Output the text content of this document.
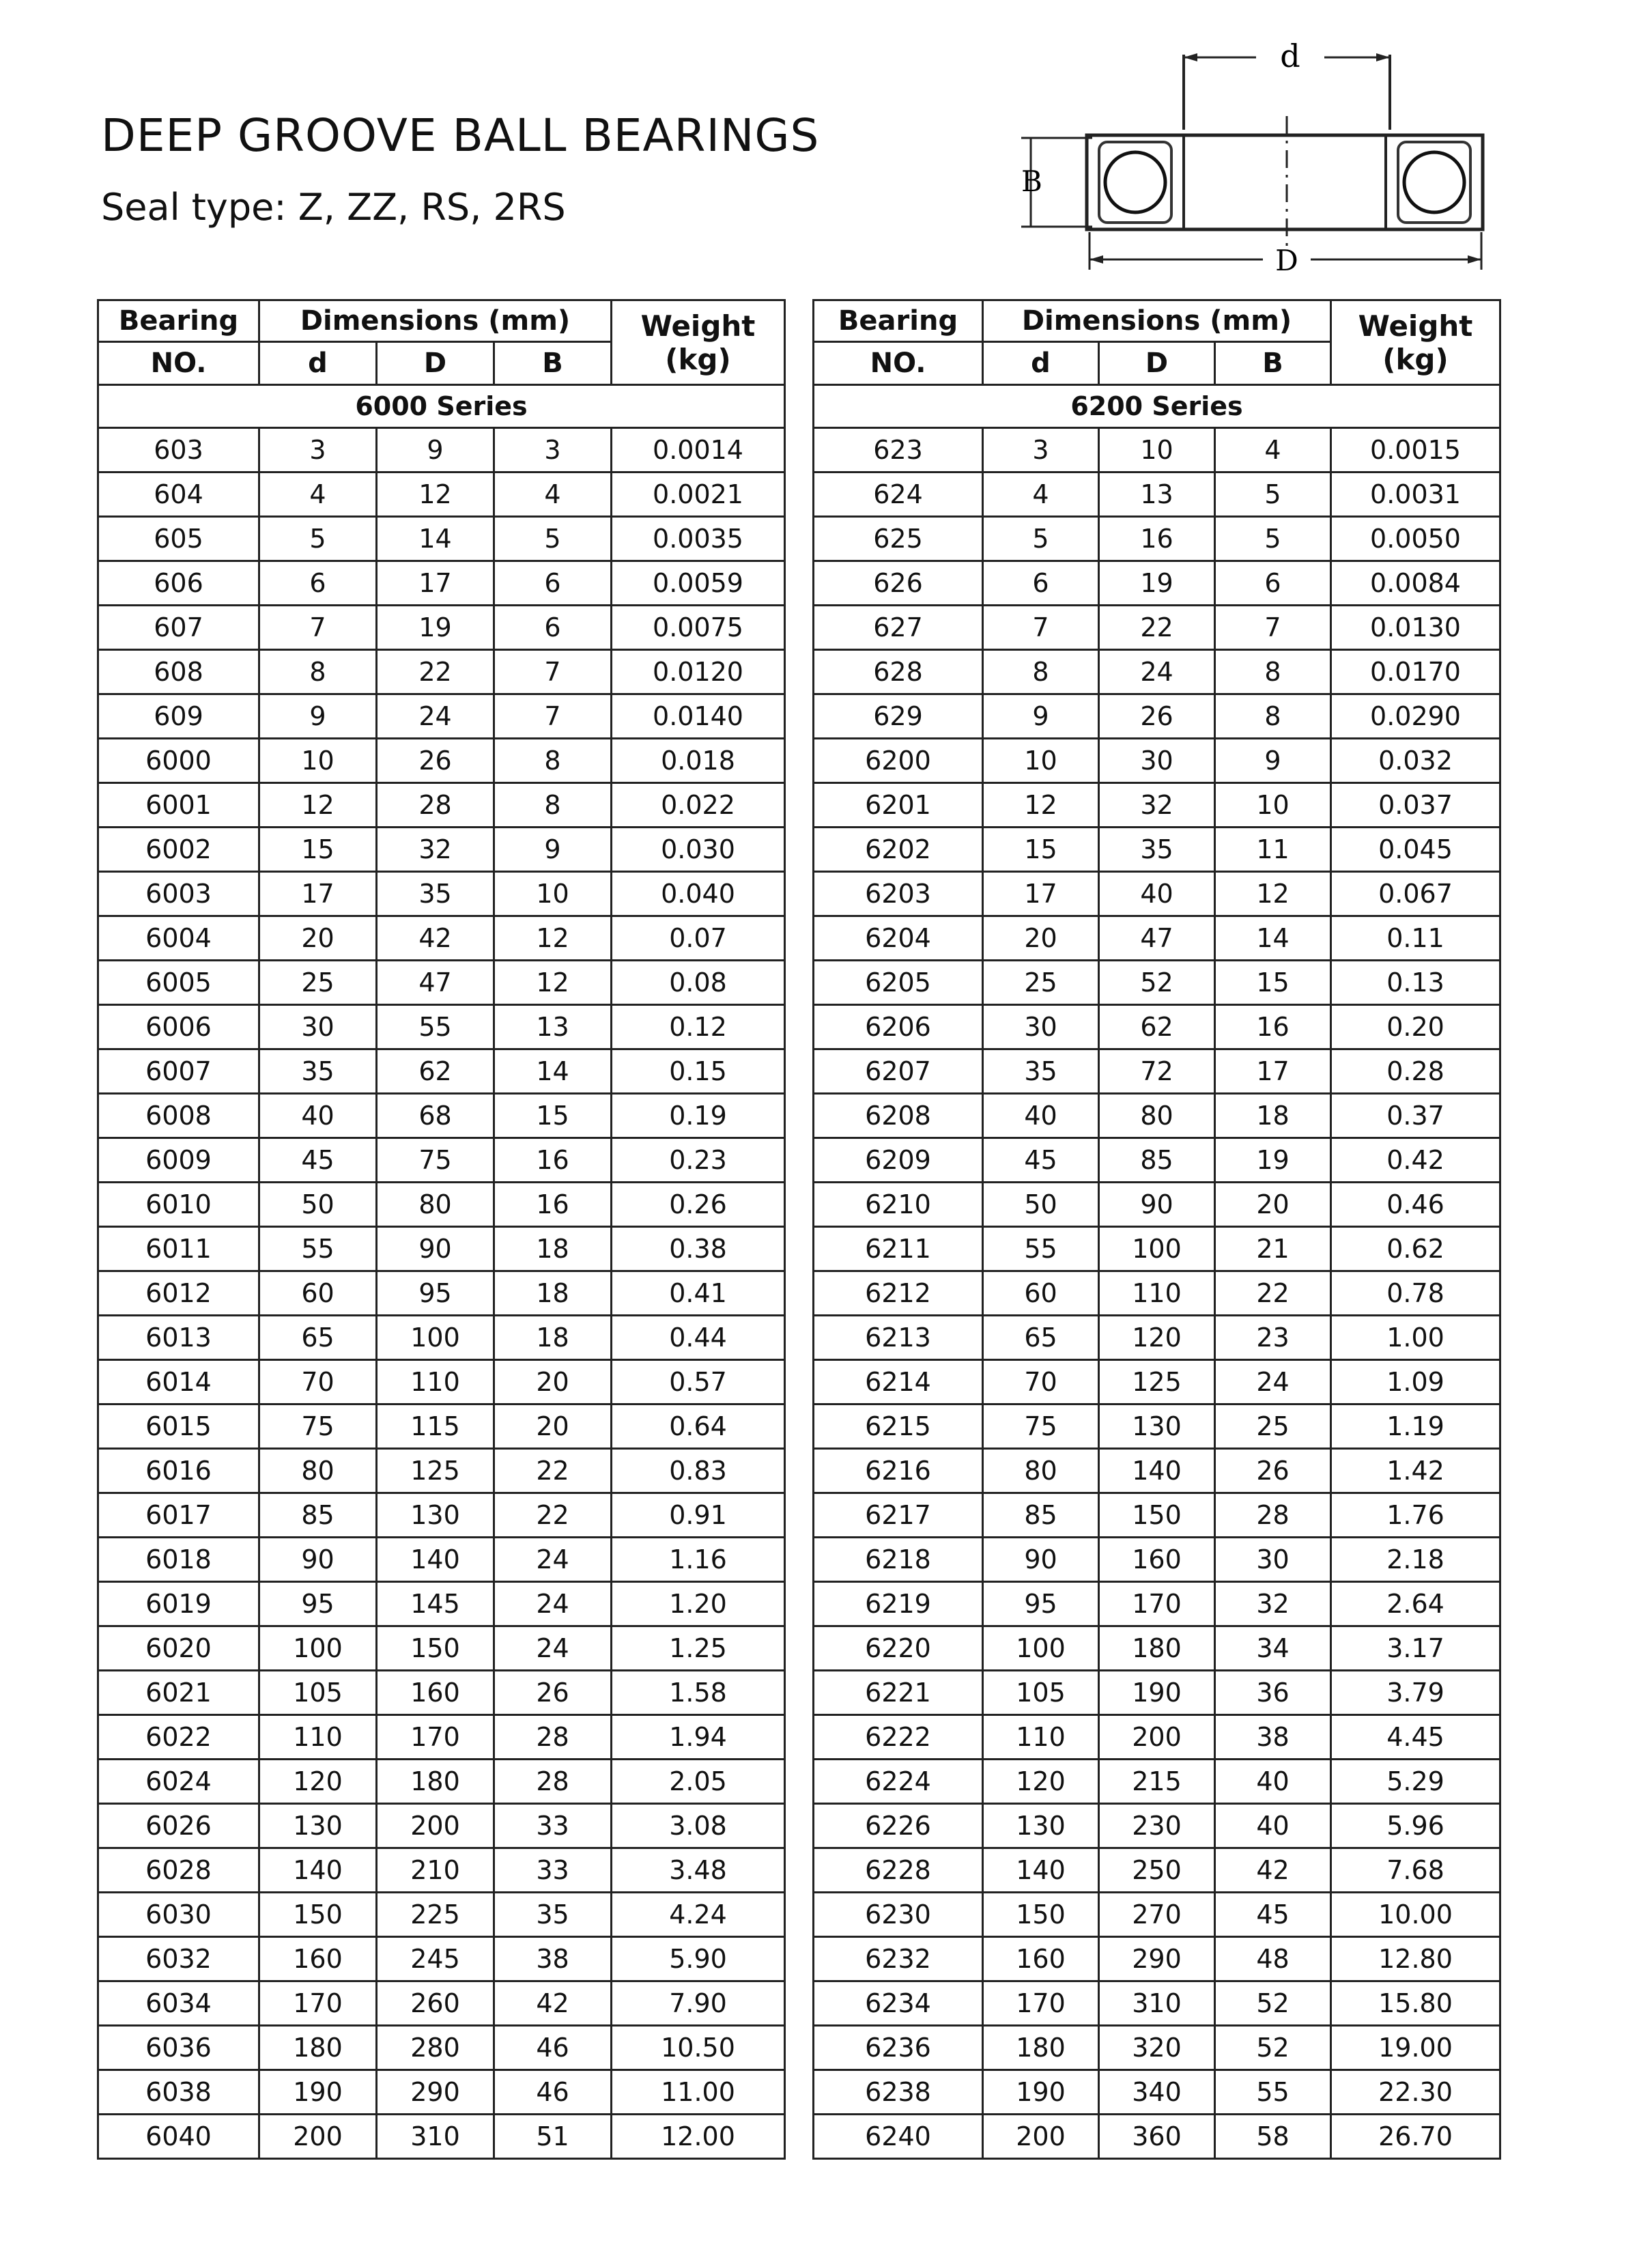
DEEP GROOVE BALL BEARINGS

Seal type: Z, ZZ, RS, 2RS

d
B
D
Bearing	Dimensions (mm)			Weight (kg)
NO.	d	D	B	
6000 Series				
603	3	9	3	0.0014
604	4	12	4	0.0021
605	5	14	5	0.0035
606	6	17	6	0.0059
607	7	19	6	0.0075
608	8	22	7	0.0120
609	9	24	7	0.0140
6000	10	26	8	0.018
6001	12	28	8	0.022
6002	15	32	9	0.030
6003	17	35	10	0.040
6004	20	42	12	0.07
6005	25	47	12	0.08
6006	30	55	13	0.12
6007	35	62	14	0.15
6008	40	68	15	0.19
6009	45	75	16	0.23
6010	50	80	16	0.26
6011	55	90	18	0.38
6012	60	95	18	0.41
6013	65	100	18	0.44
6014	70	110	20	0.57
6015	75	115	20	0.64
6016	80	125	22	0.83
6017	85	130	22	0.91
6018	90	140	24	1.16
6019	95	145	24	1.20
6020	100	150	24	1.25
6021	105	160	26	1.58
6022	110	170	28	1.94
6024	120	180	28	2.05
6026	130	200	33	3.08
6028	140	210	33	3.48
6030	150	225	35	4.24
6032	160	245	38	5.90
6034	170	260	42	7.90
6036	180	280	46	10.50
6038	190	290	46	11.00
6040	200	310	51	12.00
Bearing	Dimensions (mm)			Weight (kg)
NO.	d	D	B	
6200 Series				
623	3	10	4	0.0015
624	4	13	5	0.0031
625	5	16	5	0.0050
626	6	19	6	0.0084
627	7	22	7	0.0130
628	8	24	8	0.0170
629	9	26	8	0.0290
6200	10	30	9	0.032
6201	12	32	10	0.037
6202	15	35	11	0.045
6203	17	40	12	0.067
6204	20	47	14	0.11
6205	25	52	15	0.13
6206	30	62	16	0.20
6207	35	72	17	0.28
6208	40	80	18	0.37
6209	45	85	19	0.42
6210	50	90	20	0.46
6211	55	100	21	0.62
6212	60	110	22	0.78
6213	65	120	23	1.00
6214	70	125	24	1.09
6215	75	130	25	1.19
6216	80	140	26	1.42
6217	85	150	28	1.76
6218	90	160	30	2.18
6219	95	170	32	2.64
6220	100	180	34	3.17
6221	105	190	36	3.79
6222	110	200	38	4.45
6224	120	215	40	5.29
6226	130	230	40	5.96
6228	140	250	42	7.68
6230	150	270	45	10.00
6232	160	290	48	12.80
6234	170	310	52	15.80
6236	180	320	52	19.00
6238	190	340	55	22.30
6240	200	360	58	26.70
